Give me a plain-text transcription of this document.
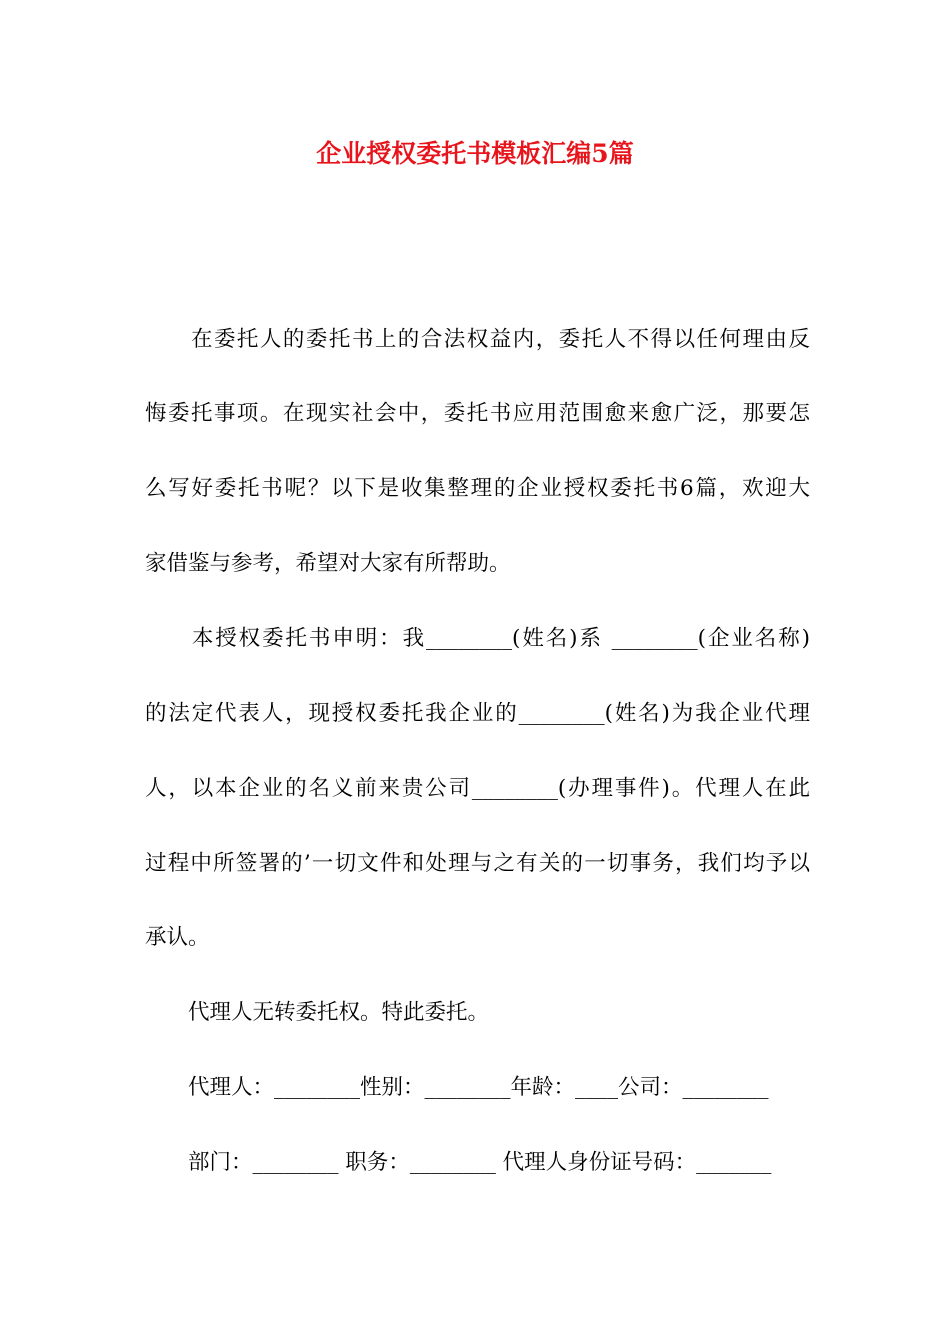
企业授权委托书模板汇编5篇
　　在委托人的委托书上的合法权益内，委托人不得以任何理由反
悔委托事项。在现实社会中，委托书应用范围愈来愈广泛，那要怎
么写好委托书呢？以下是收集整理的企业授权委托书6篇，欢迎大
家借鉴与参考，希望对大家有所帮助。
　　本授权委托书申明：我________(姓名)系 ________(企业名称)
的法定代表人，现授权委托我企业的________(姓名)为我企业代理
人，以本企业的名义前来贵公司________(办理事件)。代理人在此
过程中所签署的’一切文件和处理与之有关的一切事务，我们均予以
承认。
　　代理人无转委托权。特此委托。
　　代理人：________性别：________年龄：____公司：________
　　部门：________ 职务：________ 代理人身份证号码：_______
